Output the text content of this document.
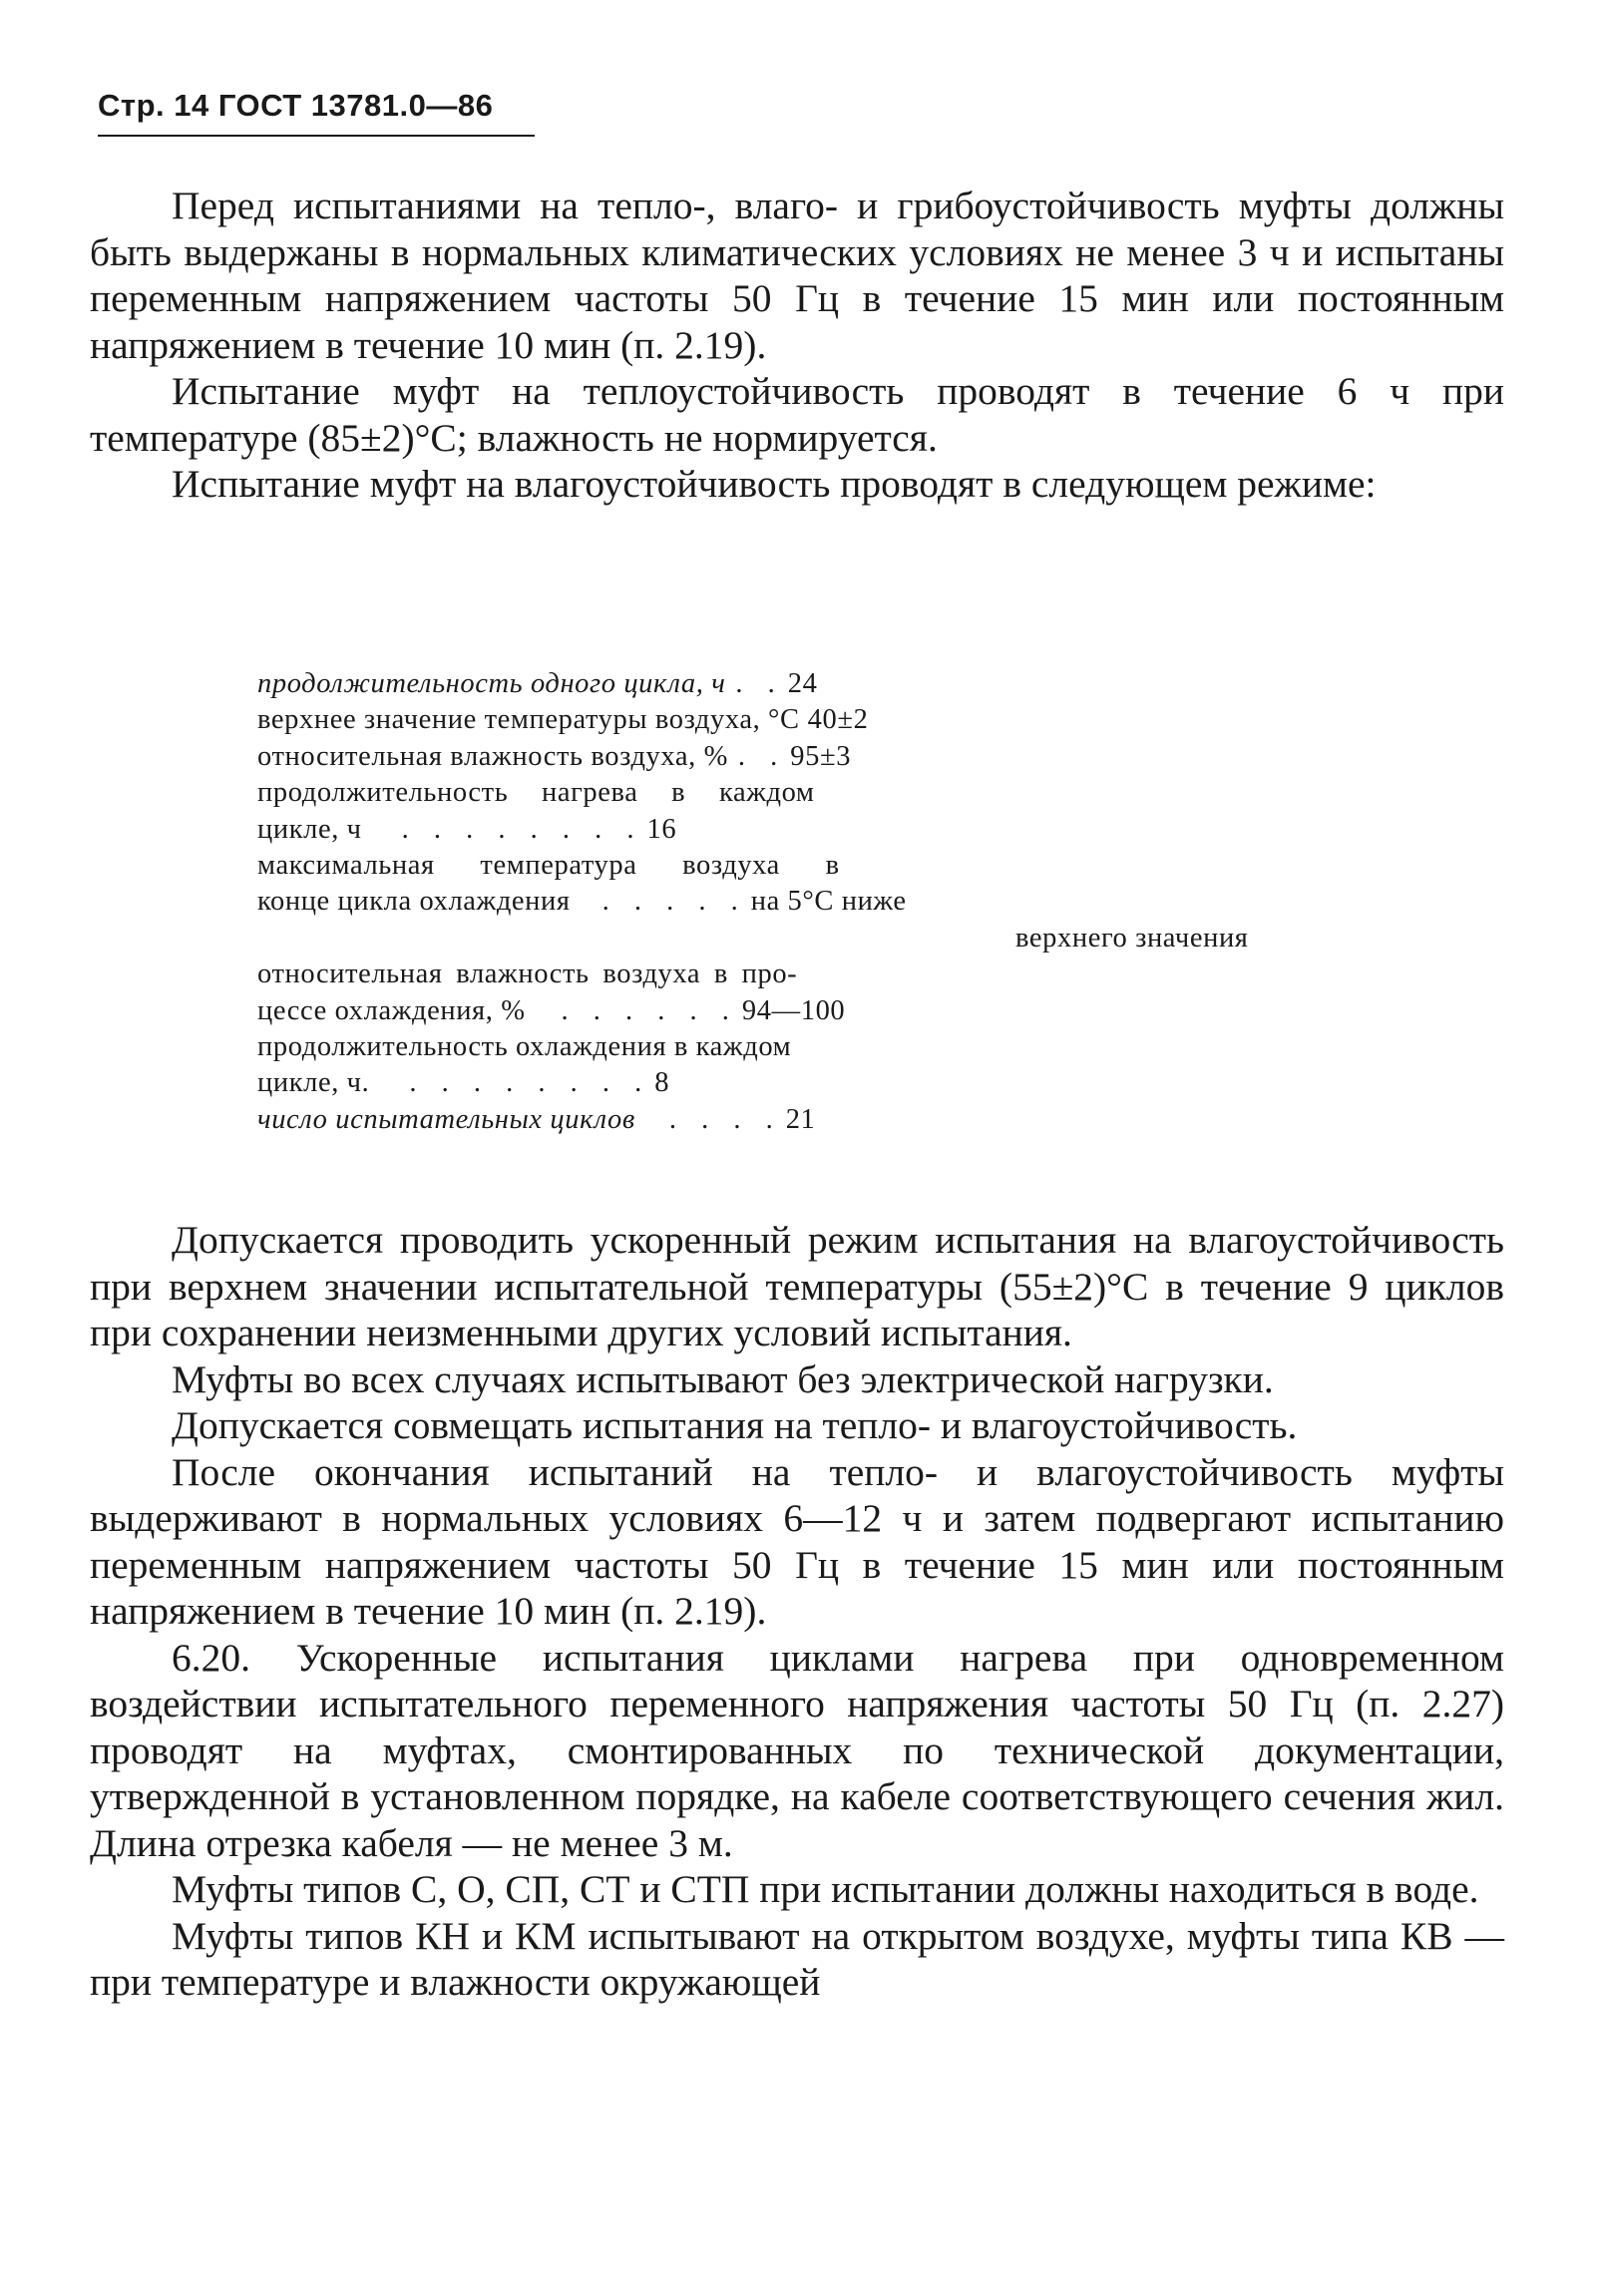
Стр. 14 ГОСТ 13781.0—86

Перед испытаниями на тепло-, влаго- и грибоустойчивость муфты должны быть выдержаны в нормальных климатических условиях не менее 3 ч и испытаны переменным напряжением частоты 50 Гц в течение 15 мин или постоянным напряжением в течение 10 мин (п. 2.19).

Испытание муфт на теплоустойчивость проводят в течение 6 ч при температуре (85±2)°С; влажность не нормируется.

Испытание муфт на влагоустойчивость проводят в следующем режиме:

продолжительность одного цикла, ч . . 24
верхнее значение температуры воздуха, °С 40±2
относительная влажность воздуха, % . . 95±3
продолжительность нагрева в каждом
цикле, ч . . . . . . . . 16
максимальная температура воздуха в
конце цикла охлаждения . . . . . на 5°С ниже
верхнего значения
относительная влажность воздуха в про-
цессе охлаждения, % . . . . . . 94—100
продолжительность охлаждения в каждом
цикле, ч. . . . . . . . . 8
число испытательных циклов . . . . 21

Допускается проводить ускоренный режим испытания на влагоустойчивость при верхнем значении испытательной температуры (55±2)°С в течение 9 циклов при сохранении неизменными других условий испытания.

Муфты во всех случаях испытывают без электрической нагрузки.

Допускается совмещать испытания на тепло- и влагоустойчивость.

После окончания испытаний на тепло- и влагоустойчивость муфты выдерживают в нормальных условиях 6—12 ч и затем подвергают испытанию переменным напряжением частоты 50 Гц в течение 15 мин или постоянным напряжением в течение 10 мин (п. 2.19).

6.20. Ускоренные испытания циклами нагрева при одновременном воздействии испытательного переменного напряжения частоты 50 Гц (п. 2.27) проводят на муфтах, смонтированных по технической документации, утвержденной в установленном порядке, на кабеле соответствующего сечения жил. Длина отрезка кабеля — не менее 3 м.

Муфты типов С, О, СП, СТ и СТП при испытании должны находиться в воде.

Муфты типов КН и КМ испытывают на открытом воздухе, муфты типа КВ — при температуре и влажности окружающей
